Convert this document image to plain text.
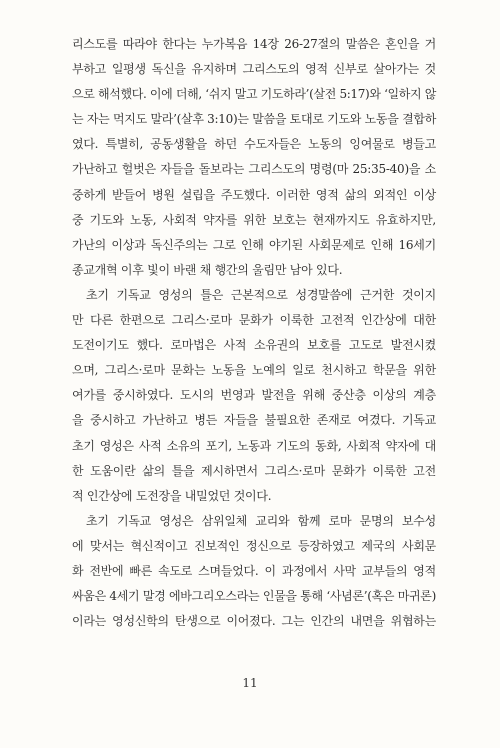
리스도를 따라야 한다는 누가복음 14장 26-27절의 말씀은 혼인을 거
부하고 일평생 독신을 유지하며 그리스도의 영적 신부로 살아가는 것
으로 해석했다. 이에 더해, ‘쉬지 말고 기도하라’(살전 5:17)와 ‘일하지 않
는 자는 먹지도 말라’(살후 3:10)는 말씀을 토대로 기도와 노동을 결합하
였다. 특별히, 공동생활을 하던 수도자들은 노동의 잉여물로 병들고
가난하고 헐벗은 자들을 돌보라는 그리스도의 명령(마 25:35-40)을 소
중하게 받들어 병원 설립을 주도했다. 이러한 영적 삶의 외적인 이상
중 기도와 노동, 사회적 약자를 위한 보호는 현재까지도 유효하지만,
가난의 이상과 독신주의는 그로 인해 야기된 사회문제로 인해 16세기
종교개혁 이후 빛이 바랜 채 행간의 울림만 남아 있다.
초기 기독교 영성의 틀은 근본적으로 성경말씀에 근거한 것이지
만 다른 한편으로 그리스·로마 문화가 이룩한 고전적 인간상에 대한
도전이기도 했다. 로마법은 사적 소유권의 보호를 고도로 발전시켰
으며, 그리스·로마 문화는 노동을 노예의 일로 천시하고 학문을 위한
여가를 중시하였다. 도시의 번영과 발전을 위해 중산층 이상의 계층
을 중시하고 가난하고 병든 자들을 불필요한 존재로 여겼다. 기독교
초기 영성은 사적 소유의 포기, 노동과 기도의 동화, 사회적 약자에 대
한 도움이란 삶의 틀을 제시하면서 그리스·로마 문화가 이룩한 고전
적 인간상에 도전장을 내밀었던 것이다.
초기 기독교 영성은 삼위일체 교리와 함께 로마 문명의 보수성
에 맞서는 혁신적이고 진보적인 정신으로 등장하였고 제국의 사회문
화 전반에 빠른 속도로 스며들었다. 이 과정에서 사막 교부들의 영적
싸움은 4세기 말경 에바그리오스라는 인물을 통해 ‘사념론’(혹은 마귀론)
이라는 영성신학의 탄생으로 이어졌다. 그는 인간의 내면을 위협하는
11
